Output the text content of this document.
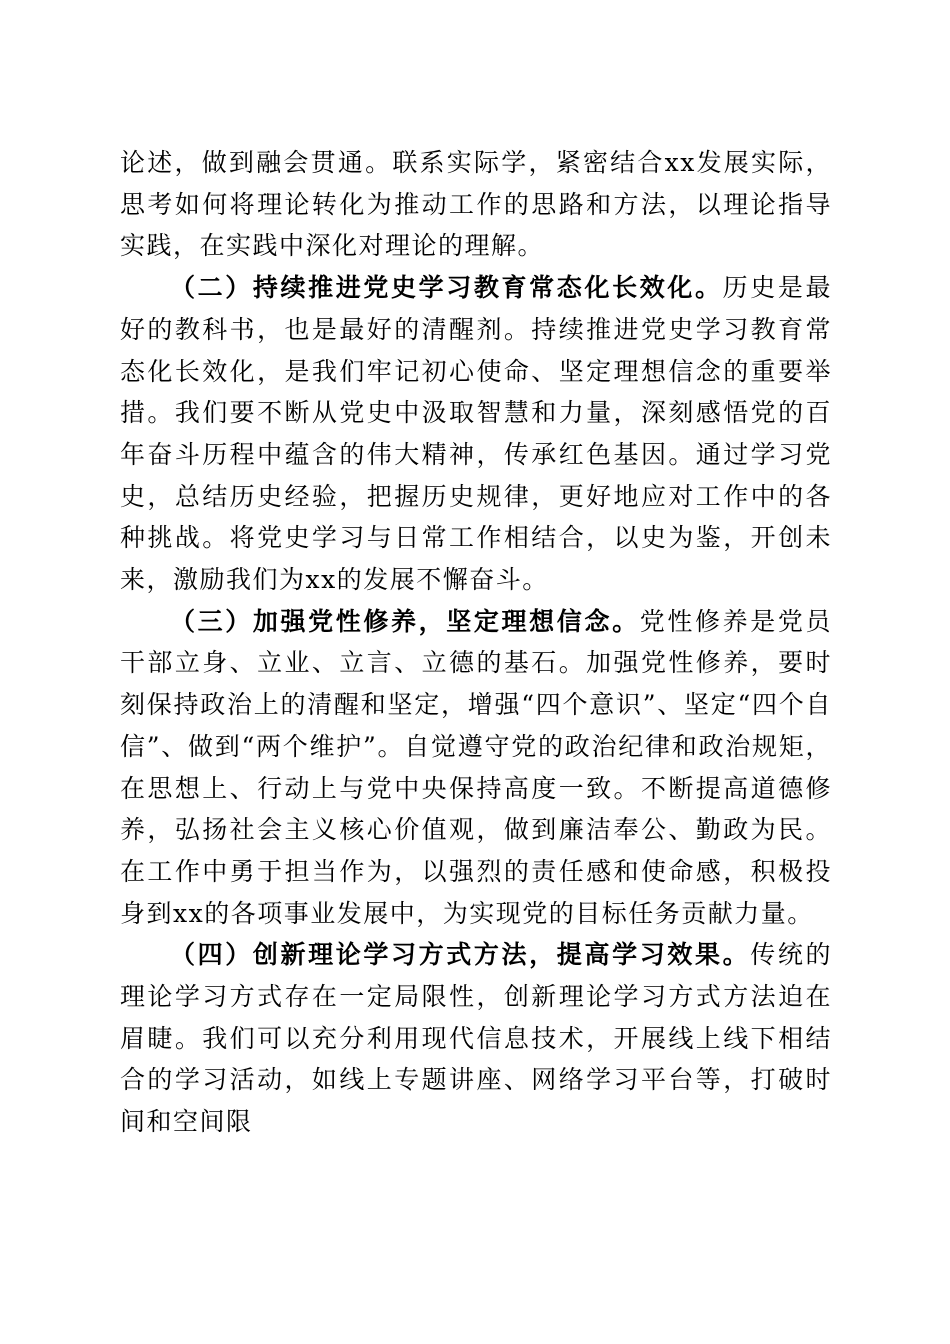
论述，做到融会贯通。联系实际学，紧密结合xx发展实际，思考如何将理论转化为推动工作的思路和方法，以理论指导实践，在实践中深化对理论的理解。

（二）持续推进党史学习教育常态化长效化。历史是最好的教科书，也是最好的清醒剂。持续推进党史学习教育常态化长效化，是我们牢记初心使命、坚定理想信念的重要举措。我们要不断从党史中汲取智慧和力量，深刻感悟党的百年奋斗历程中蕴含的伟大精神，传承红色基因。通过学习党史，总结历史经验，把握历史规律，更好地应对工作中的各种挑战。将党史学习与日常工作相结合，以史为鉴，开创未来，激励我们为xx的发展不懈奋斗。

（三）加强党性修养，坚定理想信念。党性修养是党员干部立身、立业、立言、立德的基石。加强党性修养，要时刻保持政治上的清醒和坚定，增强“四个意识”、坚定“四个自信”、做到“两个维护”。自觉遵守党的政治纪律和政治规矩，在思想上、行动上与党中央保持高度一致。不断提高道德修养，弘扬社会主义核心价值观，做到廉洁奉公、勤政为民。在工作中勇于担当作为，以强烈的责任感和使命感，积极投身到xx的各项事业发展中，为实现党的目标任务贡献力量。

（四）创新理论学习方式方法，提高学习效果。传统的理论学习方式存在一定局限性，创新理论学习方式方法迫在眉睫。我们可以充分利用现代信息技术，开展线上线下相结合的学习活动，如线上专题讲座、网络学习平台等，打破时间和空间限
